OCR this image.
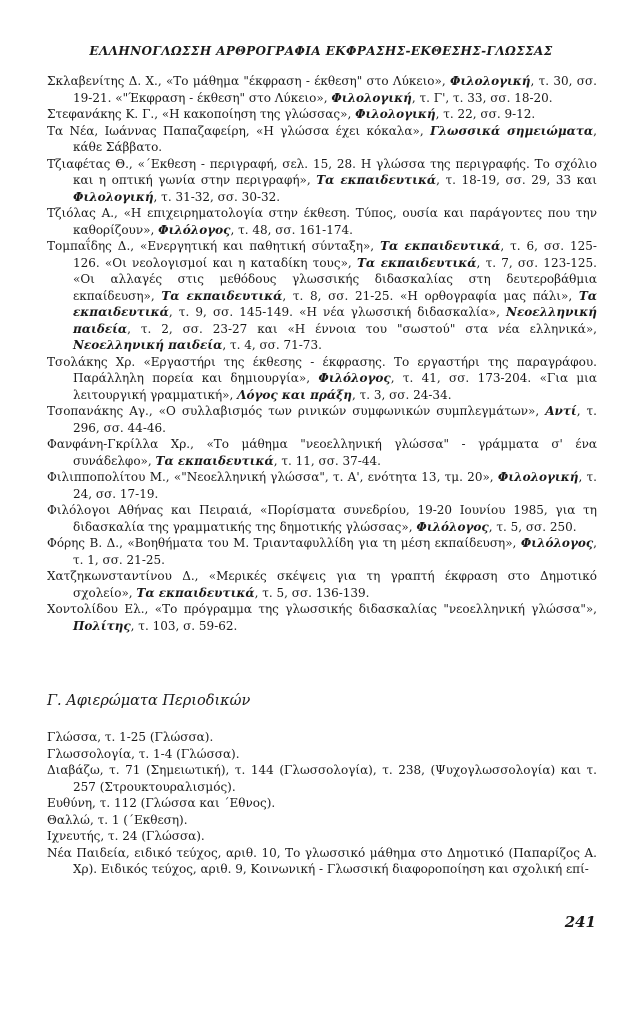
ΕΛΛΗΝΟΓΛΩΣΣΗ ΑΡΘΡΟΓΡΑΦΙΑ ΕΚΦΡΑΣΗΣ-ΕΚΘΕΣΗΣ-ΓΛΩΣΣΑΣ

Σκλαβενίτης Δ. Χ., «Το μάθημα "έκφραση - έκθεση" στο Λύκειο», Φιλολογική, τ. 30, σσ. 19-21. «"Έκφραση - έκθεση" στο Λύκειο», Φιλολογική, τ. Γ', τ. 33, σσ. 18-20.

Στεφανάκης Κ. Γ., «Η κακοποίηση της γλώσσας», Φιλολογική, τ. 22, σσ. 9-12.

Τα Νέα, Ιωάννας Παπαζαφείρη, «Η γλώσσα έχει κόκαλα», Γλωσσικά σημειώματα, κάθε Σάββατο.

Τζιαφέτας Θ., «΄Εκθεση - περιγραφή, σελ. 15, 28. Η γλώσσα της περιγραφής. Το σχόλιο και η οπτική γωνία στην περιγραφή», Τα εκπαιδευτικά, τ. 18-19, σσ. 29, 33 και Φιλολογική, τ. 31-32, σσ. 30-32.

Τζιόλας Α., «Η επιχειρηματολογία στην έκθεση. Τύπος, ουσία και παράγοντες που την καθορίζουν», Φιλόλογος, τ. 48, σσ. 161-174.

Τομπαΐδης Δ., «Ενεργητική και παθητική σύνταξη», Τα εκπαιδευτικά, τ. 6, σσ. 125-126. «Οι νεολογισμοί και η καταδίκη τους», Τα εκπαιδευτικά, τ. 7, σσ. 123-125. «Οι αλλαγές στις μεθόδους γλωσσικής διδασκαλίας στη δευτεροβάθμια εκπαίδευση», Τα εκπαιδευτικά, τ. 8, σσ. 21-25. «Η ορθογραφία μας πάλι», Τα εκπαιδευτικά, τ. 9, σσ. 145-149. «Η νέα γλωσσική διδασκαλία», Νεοελληνική παιδεία, τ. 2, σσ. 23-27 και «Η έννοια του "σωστού" στα νέα ελληνικά», Νεοελληνική παιδεία, τ. 4, σσ. 71-73.

Τσολάκης Χρ. «Εργαστήρι της έκθεσης - έκφρασης. Το εργαστήρι της παραγράφου. Παράλληλη πορεία και δημιουργία», Φιλόλογος, τ. 41, σσ. 173-204. «Για μια λειτουργική γραμματική», Λόγος και πράξη, τ. 3, σσ. 24-34.

Τσοπανάκης Αγ., «Ο συλλαβισμός των ρινικών συμφωνικών συμπλεγμάτων», Αντί, τ. 296, σσ. 44-46.

Φανφάνη-Γκρίλλα Χρ., «Το μάθημα "νεοελληνική γλώσσα" - γράμματα σ' ένα συνάδελφο», Τα εκπαιδευτικά, τ. 11, σσ. 37-44.

Φιλιπποπολίτου Μ., «"Νεοελληνική γλώσσα", τ. Α', ενότητα 13, τμ. 20», Φιλολογική, τ. 24, σσ. 17-19.

Φιλόλογοι Αθήνας και Πειραιά, «Πορίσματα συνεδρίου, 19-20 Ιουνίου 1985, για τη διδασκαλία της γραμματικής της δημοτικής γλώσσας», Φιλόλογος, τ. 5, σσ. 250.

Φόρης Β. Δ., «Βοηθήματα του Μ. Τριανταφυλλίδη για τη μέση εκπαίδευση», Φιλόλογος, τ. 1, σσ. 21-25.

Χατζηκωνσταντίνου Δ., «Μερικές σκέψεις για τη γραπτή έκφραση στο Δημοτικό σχολείο», Τα εκπαιδευτικά, τ. 5, σσ. 136-139.

Χοντολίδου Ελ., «Το πρόγραμμα της γλωσσικής διδασκαλίας "νεοελληνική γλώσσα"», Πολίτης, τ. 103, σ. 59-62.

Γ. Αφιερώματα Περιοδικών

Γλώσσα, τ. 1-25 (Γλώσσα).

Γλωσσολογία, τ. 1-4 (Γλώσσα).

Διαβάζω, τ. 71 (Σημειωτική), τ. 144 (Γλωσσολογία), τ. 238, (Ψυχογλωσσολογία) και τ. 257 (Στρουκτουραλισμός).

Ευθύνη, τ. 112 (Γλώσσα και ΄Εθνος).

Θαλλώ, τ. 1 (΄Εκθεση).

Ιχνευτής, τ. 24 (Γλώσσα).

Νέα Παιδεία, ειδικό τεύχος, αριθ. 10, Το γλωσσικό μάθημα στο Δημοτικό (Παπαρίζος Α. Χρ). Ειδικός τεύχος, αριθ. 9, Κοινωνική - Γλωσσική διαφοροποίηση και σχολική επί-

241
